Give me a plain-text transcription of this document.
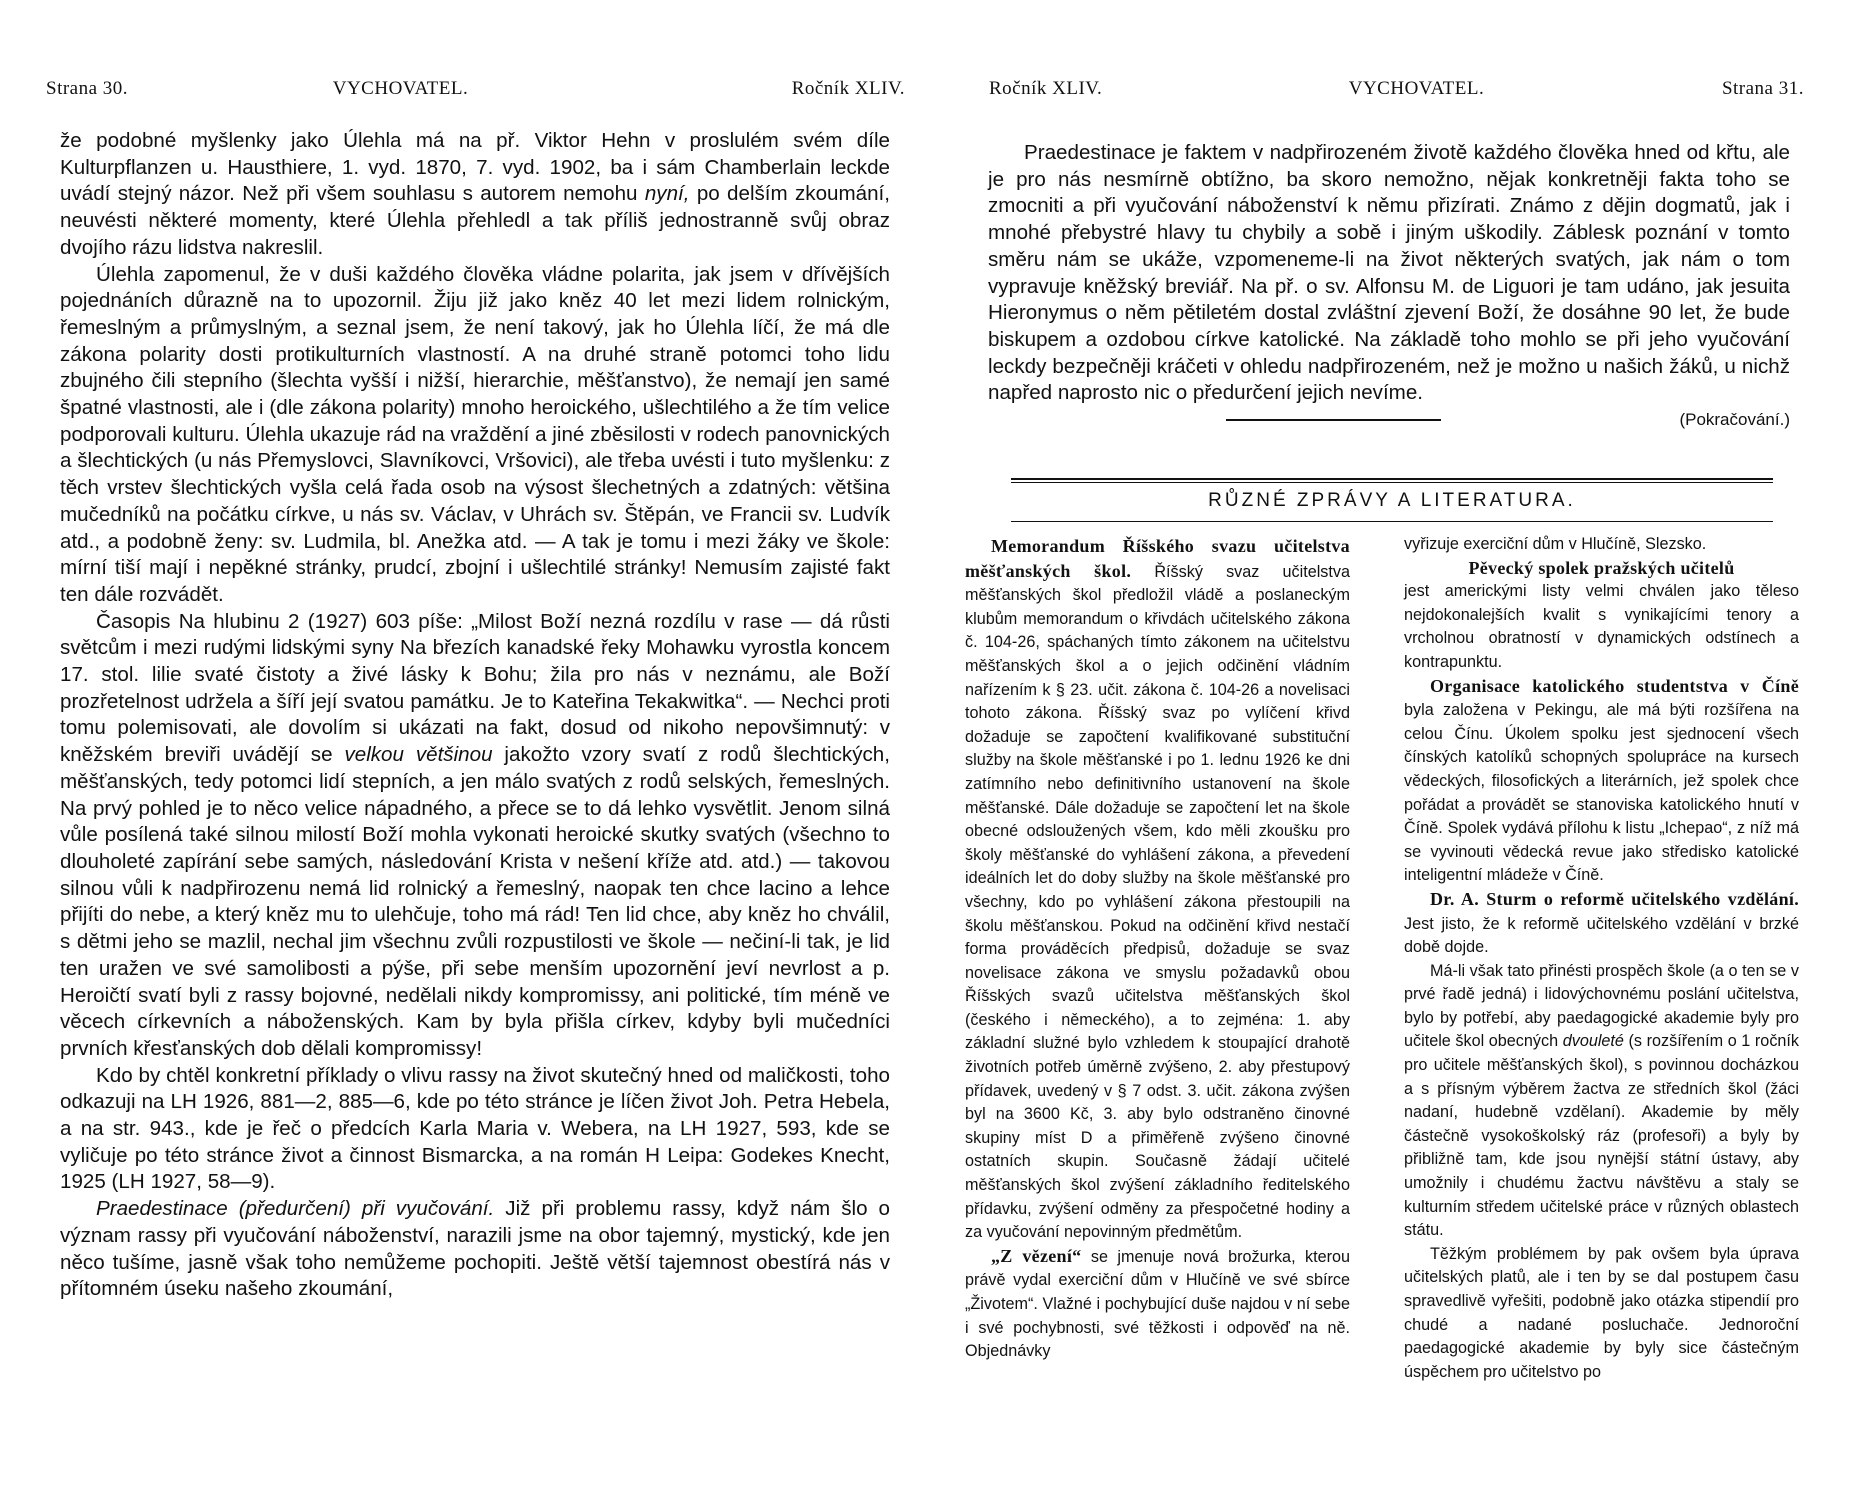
Strana 30.	VYCHOVATEL.	Ročník XLIV.

že podobné myšlenky jako Úlehla má na př. Viktor Hehn v proslulém svém díle Kulturpflanzen u. Hausthiere, 1. vyd. 1870, 7. vyd. 1902, ba i sám Chamberlain leckde uvádí stejný názor. Než při všem souhlasu s autorem nemohu nyní, po delším zkoumání, neuvésti některé momenty, které Úlehla přehledl a tak příliš jednostranně svůj obraz dvojího rázu lidstva nakreslil.

Úlehla zapomenul, že v duši každého člověka vládne polarita, jak jsem v dřívějších pojednáních důrazně na to upozornil. Žiju již jako kněz 40 let mezi lidem rolnickým, řemeslným a průmyslným, a seznal jsem, že není takový, jak ho Úlehla líčí, že má dle zákona polarity dosti protikulturních vlastností. A na druhé straně potomci toho lidu zbujného čili stepního (šlechta vyšší i nižší, hierarchie, měšťanstvo), že nemají jen samé špatné vlastnosti, ale i (dle zákona polarity) mnoho heroického, ušlechtilého a že tím velice podporovali kulturu. Úlehla ukazuje rád na vraždění a jiné zběsilosti v rodech panovnických a šlechtických (u nás Přemyslovci, Slavníkovci, Vršovici), ale třeba uvésti i tuto myšlenku: z těch vrstev šlechtických vyšla celá řada osob na výsost šlechetných a zdatných: většina mučedníků na počátku církve, u nás sv. Václav, v Uhrách sv. Štěpán, ve Francii sv. Ludvík atd., a podobně ženy: sv. Ludmila, bl. Anežka atd. — A tak je tomu i mezi žáky ve škole: mírní tiší mají i nepěkné stránky, prudcí, zbojní i ušlechtilé stránky! Nemusím zajisté fakt ten dále rozvádět.

Časopis Na hlubinu 2 (1927) 603 píše: „Milost Boží nezná rozdílu v rase — dá růsti světcům i mezi rudými lidskými syny Na březích kanadské řeky Mohawku vyrostla koncem 17. stol. lilie svaté čistoty a živé lásky k Bohu; žila pro nás v neznámu, ale Boží prozřetelnost udržela a šíří její svatou památku. Je to Kateřina Tekakwitka“. — Nechci proti tomu polemisovati, ale dovolím si ukázati na fakt, dosud od nikoho nepovšimnutý: v kněžském breviři uvádějí se velkou většinou jakožto vzory svatí z rodů šlechtických, měšťanských, tedy potomci lidí stepních, a jen málo svatých z rodů selských, řemeslných. Na prvý pohled je to něco velice nápadného, a přece se to dá lehko vysvětlit. Jenom silná vůle posílená také silnou milostí Boží mohla vykonati heroické skutky svatých (všechno to dlouholeté zapírání sebe samých, následování Krista v nešení kříže atd. atd.) — takovou silnou vůli k nadpřirozenu nemá lid rolnický a řemeslný, naopak ten chce lacino a lehce přijíti do nebe, a který kněz mu to ulehčuje, toho má rád! Ten lid chce, aby kněz ho chválil, s dětmi jeho se mazlil, nechal jim všechnu zvůli rozpustilosti ve škole — nečiní-li tak, je lid ten uražen ve své samolibosti a pýše, při sebe menším upozornění jeví nevrlost a p. Heroičtí svatí byli z rassy bojovné, nedělali nikdy kompromissy, ani politické, tím méně ve věcech církevních a náboženských. Kam by byla přišla církev, kdyby byli mučedníci prvních křesťanských dob dělali kompromissy!

Kdo by chtěl konkretní příklady o vlivu rassy na život skutečný hned od maličkosti, toho odkazuji na LH 1926, 881—2, 885—6, kde po této stránce je líčen život Joh. Petra Hebela, a na str. 943., kde je řeč o předcích Karla Maria v. Webera, na LH 1927, 593, kde se vyličuje po této stránce život a činnost Bismarcka, a na román H Leipa: Godekes Knecht, 1925 (LH 1927, 58—9).

Praedestinace (předurčení) při vyučování. Již při problemu rassy, když nám šlo o význam rassy při vyučování náboženství, narazili jsme na obor tajemný, mystický, kde jen něco tušíme, jasně však toho nemůžeme pochopiti. Ještě větší tajemnost obestírá nás v přítomném úseku našeho zkoumání,

Ročník XLIV.	VYCHOVATEL.	Strana 31.

Praedestinace je faktem v nadpřirozeném životě každého člověka hned od křtu, ale je pro nás nesmírně obtížno, ba skoro nemožno, nějak konkretněji fakta toho se zmocniti a při vyučování náboženství k němu přizírati. Známo z dějin dogmatů, jak i mnohé přebystré hlavy tu chybily a sobě i jiným uškodily. Záblesk poznání v tomto směru nám se ukáže, vzpomeneme-li na život některých svatých, jak nám o tom vypravuje kněžský breviář. Na př. o sv. Alfonsu M. de Liguori je tam udáno, jak jesuita Hieronymus o něm pětiletém dostal zvláštní zjevení Boží, že dosáhne 90 let, že bude biskupem a ozdobou církve katolické. Na základě toho mohlo se při jeho vyučování leckdy bezpečněji kráčeti v ohledu nadpřirozeném, než je možno u našich žáků, u nichž napřed naprosto nic o předurčení jejich nevíme.

(Pokračování.)
RŮZNÉ ZPRÁVY A LITERATURA.

Memorandum Říšského svazu učitelstva měšťanských škol. Říšský svaz učitelstva měšťanských škol předložil vládě a poslaneckým klubům memorandum o křivdách učitelského zákona č. 104-26, spáchaných tímto zákonem na učitelstvu měšťanských škol a o jejich odčinění vládním nařízením k § 23. učit. zákona č. 104-26 a novelisaci tohoto zákona. Říšský svaz po vylíčení křivd dožaduje se započtení kvalifikované substituční služby na škole měšťanské i po 1. lednu 1926 ke dni zatímního nebo definitivního ustanovení na škole měšťanské. Dále dožaduje se započtení let na škole obecné odsloužených všem, kdo měli zkoušku pro školy měšťanské do vyhlášení zákona, a převedení ideálních let do doby služby na škole měšťanské pro všechny, kdo po vyhlášení zákona přestoupili na školu měšťanskou. Pokud na odčinění křivd nestačí forma prováděcích předpisů, dožaduje se svaz novelisace zákona ve smyslu požadavků obou Říšských svazů učitelstva měšťanských škol (českého i německého), a to zejména: 1. aby základní služné bylo vzhledem k stoupající drahotě životních potřeb úměrně zvýšeno, 2. aby přestupový přídavek, uvedený v § 7 odst. 3. učit. zákona zvýšen byl na 3600 Kč, 3. aby bylo odstraněno činovné skupiny míst D a přiměřeně zvýšeno činovné ostatních skupin. Současně žádají učitelé měšťanských škol zvýšení základního ředitelského přídavku, zvýšení odměny za přespočetné hodiny a za vyučování nepovinným předmětům.

„Z vězení“ se jmenuje nová brožurka, kterou právě vydal exerciční dům v Hlučíně ve své sbírce „Životem“. Vlažné i pochybující duše najdou v ní sebe i své pochybnosti, své těžkosti i odpověď na ně. Objednávky

vyřizuje exerciční dům v Hlučíně, Slezsko.

Pěvecký spolek pražských učitelů
jest americkými listy velmi chválen jako těleso nejdokonalejších kvalit s vynikajícími tenory a vrcholnou obratností v dynamických odstínech a kontrapunktu.

Organisace katolického studentstva v Číně byla založena v Pekingu, ale má býti rozšířena na celou Čínu. Úkolem spolku jest sjednocení všech čínských katolíků schopných spolupráce na kursech vědeckých, filosofických a literárních, jež spolek chce pořádat a provádět se stanoviska katolického hnutí v Číně. Spolek vydává přílohu k listu „Ichepao“, z níž má se vyvinouti vědecká revue jako středisko katolické inteligentní mládeže v Číně.

Dr. A. Sturm o reformě učitelského vzdělání. Jest jisto, že k reformě učitelského vzdělání v brzké době dojde.

Má-li však tato přinésti prospěch škole (a o ten se v prvé řadě jedná) i lidovýchovnému poslání učitelstva, bylo by potřebí, aby paedagogické akademie byly pro učitele škol obecných dvouleté (s rozšířením o 1 ročník pro učitele měšťanských škol), s povinnou docházkou a s přísným výběrem žactva ze středních škol (žáci nadaní, hudebně vzdělaní). Akademie by měly částečně vysokoškolský ráz (profesoři) a byly by přibližně tam, kde jsou nynější státní ústavy, aby umožnily i chudému žactvu návštěvu a staly se kulturním středem učitelské práce v různých oblastech státu.

Těžkým problémem by pak ovšem byla úprava učitelských platů, ale i ten by se dal postupem času spravedlivě vyřešiti, podobně jako otázka stipendií pro chudé a nadané posluchače. Jednoroční paedagogické akademie by byly sice částečným úspěchem pro učitelstvo po
